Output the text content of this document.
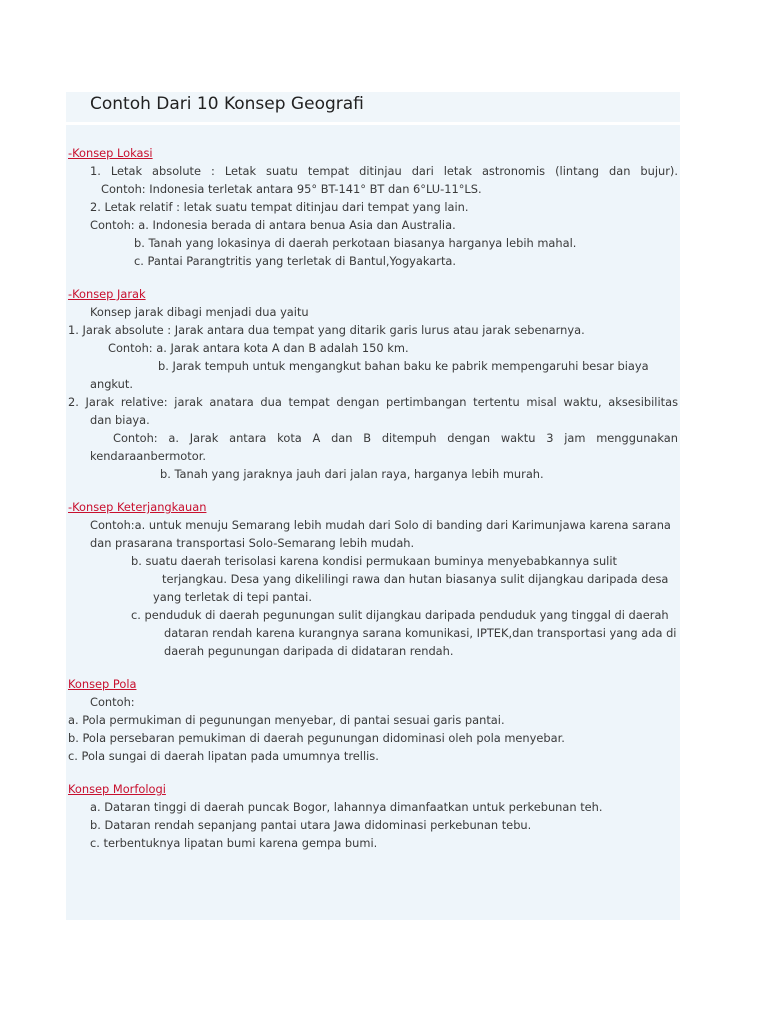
Contoh Dari 10 Konsep Geografi
-Konsep Lokasi
1. Letak absolute : Letak suatu tempat ditinjau dari letak astronomis (lintang dan bujur).
Contoh: Indonesia terletak antara 95° BT-141° BT dan 6°LU-11°LS.
2. Letak relatif : letak suatu tempat ditinjau dari tempat yang lain.
Contoh: a. Indonesia berada di antara benua Asia dan Australia.
b. Tanah yang lokasinya di daerah perkotaan biasanya harganya lebih mahal.
c. Pantai Parangtritis yang terletak di Bantul,Yogyakarta.
-Konsep Jarak
Konsep jarak dibagi menjadi dua yaitu
1. Jarak absolute : Jarak antara dua tempat yang ditarik garis lurus atau jarak sebenarnya.
Contoh: a. Jarak antara kota A dan B adalah 150 km.
b. Jarak tempuh untuk mengangkut bahan baku ke pabrik mempengaruhi besar biaya
angkut.
2. Jarak relative: jarak anatara dua tempat dengan pertimbangan tertentu misal waktu, aksesibilitas
dan biaya.
Contoh: a. Jarak antara kota A dan B ditempuh dengan waktu 3 jam menggunakan
kendaraanbermotor.
b. Tanah yang jaraknya jauh dari jalan raya, harganya lebih murah.
-Konsep Keterjangkauan
Contoh:a. untuk menuju Semarang lebih mudah dari Solo di banding dari Karimunjawa karena sarana
dan prasarana transportasi Solo-Semarang lebih mudah.
b. suatu daerah terisolasi karena kondisi permukaan buminya menyebabkannya sulit
terjangkau. Desa yang dikelilingi rawa dan hutan biasanya sulit dijangkau daripada desa
yang terletak di tepi pantai.
c. penduduk di daerah pegunungan sulit dijangkau daripada penduduk yang tinggal di daerah
dataran rendah karena kurangnya sarana komunikasi, IPTEK,dan transportasi yang ada di
daerah pegunungan daripada di didataran rendah.
Konsep Pola
Contoh:
a. Pola permukiman di pegunungan menyebar, di pantai sesuai garis pantai.
b. Pola persebaran pemukiman di daerah pegunungan didominasi oleh pola menyebar.
c. Pola sungai di daerah lipatan pada umumnya trellis.
Konsep Morfologi
a. Dataran tinggi di daerah puncak Bogor, lahannya dimanfaatkan untuk perkebunan teh.
b. Dataran rendah sepanjang pantai utara Jawa didominasi perkebunan tebu.
c. terbentuknya lipatan bumi karena gempa bumi.
